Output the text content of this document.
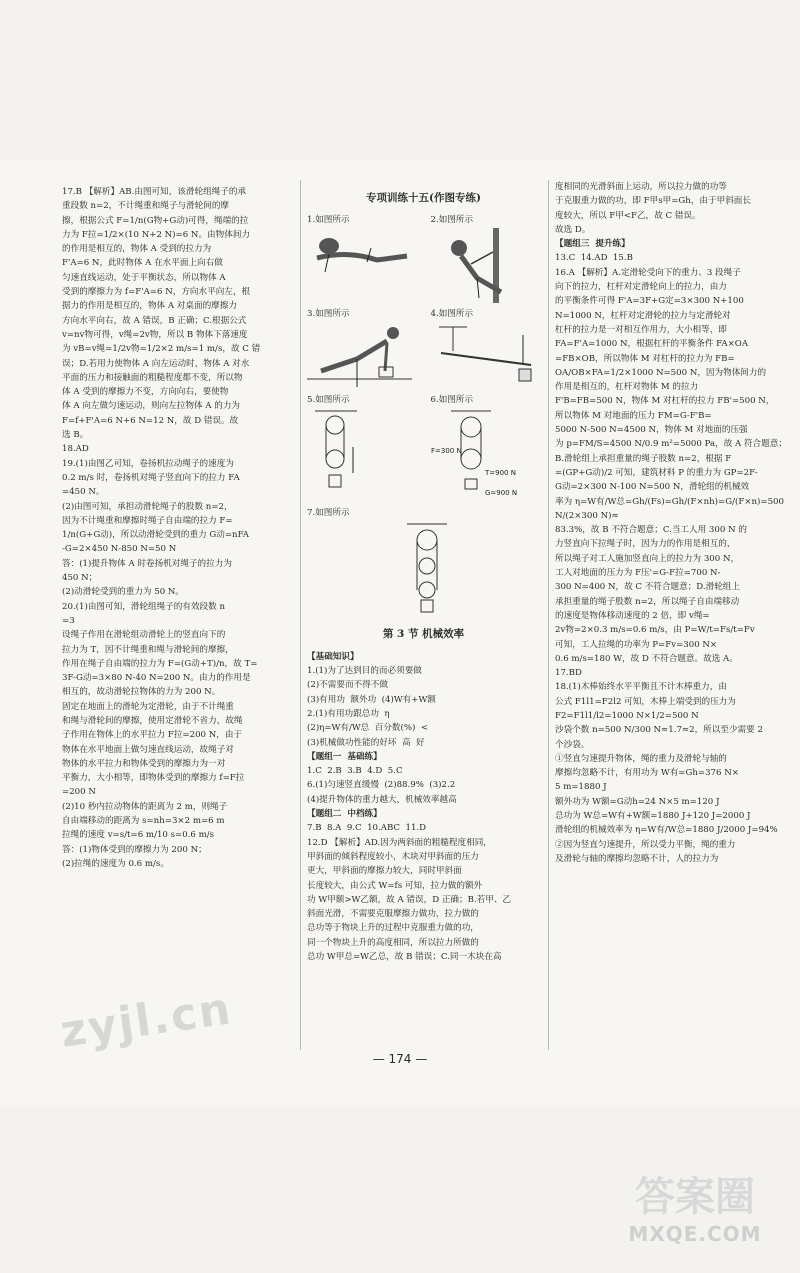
17.B 【解析】AB.由图可知，该滑轮组绳子的承

重段数 n=2，不计绳重和绳子与滑轮间的摩

擦，根据公式 F=1/n(G物+G动)可得，绳端的拉

力为 F拉=1/2×(10 N+2 N)=6 N。由物体间力

的作用是相互的，物体 A 受到的拉力为

F'A=6 N，此时物体 A 在水平面上向右做

匀速直线运动，处于平衡状态，所以物体 A

受到的摩擦力为 f=F'A=6 N，方向水平向左，根

据力的作用是相互的，物体 A 对桌面的摩擦力

方向水平向右，故 A 错误，B 正确；C.根据公式

v=nv物可得，v绳=2v物，所以 B 物体下落速度

为 vB=v绳=1/2v物=1/2×2 m/s=1 m/s，故 C 错

误；D.若用力使物体 A 向左运动时，物体 A 对水

平面的压力和接触面的粗糙程度都不变，所以物

体 A 受到的摩擦力不变，方向向右，要使物

体 A 向左做匀速运动，则向左拉物体 A 的力为

F=f+F'A=6 N+6 N=12 N，故 D 错误。故

选 B。

18.AD

19.(1)由图乙可知，卷扬机拉动绳子的速度为

0.2 m/s 时，卷扬机对绳子竖直向下的拉力 FA

=450 N。

(2)由图可知，承担动滑轮绳子的股数 n=2，

因为不计绳重和摩擦时绳子自由端的拉力 F=

1/n(G+G动)，所以动滑轮受到的重力 G动=nFA

-G=2×450 N-850 N=50 N

答：(1)提升物体 A 时卷扬机对绳子的拉力为

450 N；

(2)动滑轮受到的重力为 50 N。

20.(1)由图可知，滑轮组绳子的有效段数 n

=3

设绳子作用在滑轮组动滑轮上的竖直向下的

拉力为 T，因不计绳重和绳与滑轮间的摩擦，

作用在绳子自由端的拉力为 F=(G动+T)/n，故 T=

3F-G动=3×80 N-40 N=200 N。由力的作用是

相互的，故动滑轮拉物体的力为 200 N。

固定在地面上的滑轮为定滑轮，由于不计绳重

和绳与滑轮间的摩擦，使用定滑轮不省力，故绳

子作用在物体上的水平拉力 F拉=200 N，由于

物体在水平地面上做匀速直线运动，故绳子对

物体的水平拉力和物体受到的摩擦力为一对

平衡力，大小相等，即物体受到的摩擦力 f=F拉

=200 N

(2)10 秒内拉动物体的距离为 2 m，则绳子

自由端移动的距离为 s=nh=3×2 m=6 m

拉绳的速度 v=s/t=6 m/10 s=0.6 m/s

答：(1)物体受到的摩擦力为 200 N；

(2)拉绳的速度为 0.6 m/s。

专项训练十五(作图专练)
1.如图所示	2.如图所示
3.如图所示	4.如图所示
5.如图所示	6.如图所示
F=300 N
T=900 N
G=900 N
7.如图所示
第 3 节 机械效率

【基础知识】

1.(1)为了达到目的而必须要做

(2)不需要而不得不做

(3)有用功  额外功  (4)W有+W额

2.(1)有用功跟总功  η

(2)η=W有/W总  百分数(%)  <

(3)机械做功性能的好坏  高  好

【题组一  基础练】

1.C  2.B  3.B  4.D  5.C

6.(1)匀速竖直缓慢  (2)88.9%  (3)2.2

(4)提升物体的重力越大，机械效率越高

【题组二  中档练】

7.B  8.A  9.C  10.ABC  11.D

12.D 【解析】AD.因为两斜面的粗糙程度相同，

甲斜面的倾斜程度较小，木块对甲斜面的压力

更大，甲斜面的摩擦力较大，同时甲斜面

长度较大，由公式 W=fs 可知，拉力做的额外

功 W甲额>W乙额，故 A 错误，D 正确；B.若甲、乙

斜面光滑，不需要克服摩擦力做功，拉力做的

总功等于物块上升的过程中克服重力做的功，

同一个物块上升的高度相同，所以拉力所做的

总功 W甲总=W乙总，故 B 错误；C.同一木块在高

度相同的光滑斜面上运动，所以拉力做的功等

于克服重力做的功，即 F甲s甲=Gh，由于甲斜面长

度较大，所以 F甲<F乙，故 C 错误。

故选 D。

【题组三  提升练】

13.C  14.AD  15.B

16.A 【解析】A.定滑轮受向下的重力、3 段绳子

向下的拉力，杠杆对定滑轮向上的拉力，由力

的平衡条件可得 F'A=3F+G定=3×300 N+100

N=1000 N，杠杆对定滑轮的拉力与定滑轮对

杠杆的拉力是一对相互作用力，大小相等，即

FA=F'A=1000 N，根据杠杆的平衡条件 FA×OA

=FB×OB，所以物体 M 对杠杆的拉力为 FB=

OA/OB×FA=1/2×1000 N=500 N，因为物体间力的

作用是相互的，杠杆对物体 M 的拉力

F'B=FB=500 N，物体 M 对杠杆的拉力 FB'=500 N，

所以物体 M 对地面的压力 FM=G-F'B=

5000 N-500 N=4500 N，物体 M 对地面的压强

为 p=FM/S=4500 N/0.9 m²=5000 Pa，故 A 符合题意；

B.滑轮组上承担重量的绳子股数 n=2，根据 F

=(GP+G动)/2 可知，建筑材料 P 的重力为 GP=2F-

G动=2×300 N-100 N=500 N，滑轮组的机械效

率为 η=W有/W总=Gh/(Fs)=Gh/(F×nh)=G/(F×n)=500 N/(2×300 N)≈

83.3%，故 B 不符合题意；C.当工人用 300 N 的

力竖直向下拉绳子时，因为力的作用是相互的，

所以绳子对工人施加竖直向上的拉力为 300 N，

工人对地面的压力为 F压'=G-F拉=700 N-

300 N=400 N，故 C 不符合题意；D.滑轮组上

承担重量的绳子股数 n=2，所以绳子自由端移动

的速度是物体移动速度的 2 倍，即 v绳=

2v物=2×0.3 m/s=0.6 m/s，由 P=W/t=Fs/t=Fv

可知，工人拉绳的功率为 P=Fv=300 N×

0.6 m/s=180 W，故 D 不符合题意。故选 A。

17.BD

18.(1)木棒始终水平平衡且不计木棒重力，由

公式 F1l1=F2l2 可知，木棒上端受到的压力为

F2=F1l1/l2=1000 N×1/2=500 N

沙袋个数 n=500 N/300 N≈1.7≈2，所以至少需要 2

个沙袋。

①竖直匀速提升物体，绳的重力及滑轮与轴的

摩擦均忽略不计，有用功为 W有=Gh=376 N×

5 m=1880 J

额外功为 W额=G动h=24 N×5 m=120 J

总功为 W总=W有+W额=1880 J+120 J=2000 J

滑轮组的机械效率为 η=W有/W总=1880 J/2000 J=94%

②因为竖直匀速提升，所以受力平衡，绳的重力

及滑轮与轴的摩擦均忽略不计，人的拉力为

— 174 —
zyjl.cn
答案圈
MXQE.COM
